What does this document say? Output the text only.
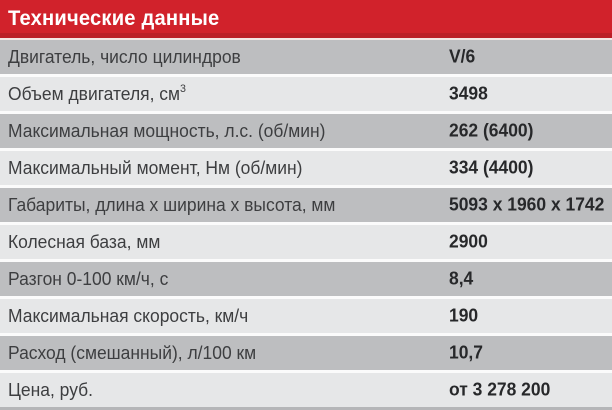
Технические данные
Двигатель, число цилиндров	V/6
Объем двигателя, $см^3$	3498
Максимальная мощность, л.с. (об/мин)	262 (6400)
Максимальный момент, Нм (об/мин)	334 (4400)
Габариты, длина х ширина х высота, мм	5093 х 1960 х 1742
Колесная база, мм	2900
Разгон 0-100 км/ч, с	8,4
Максимальная скорость, км/ч	190
Расход (смешанный), л/100 км	10,7
Цена, руб.	от 3 278 200
